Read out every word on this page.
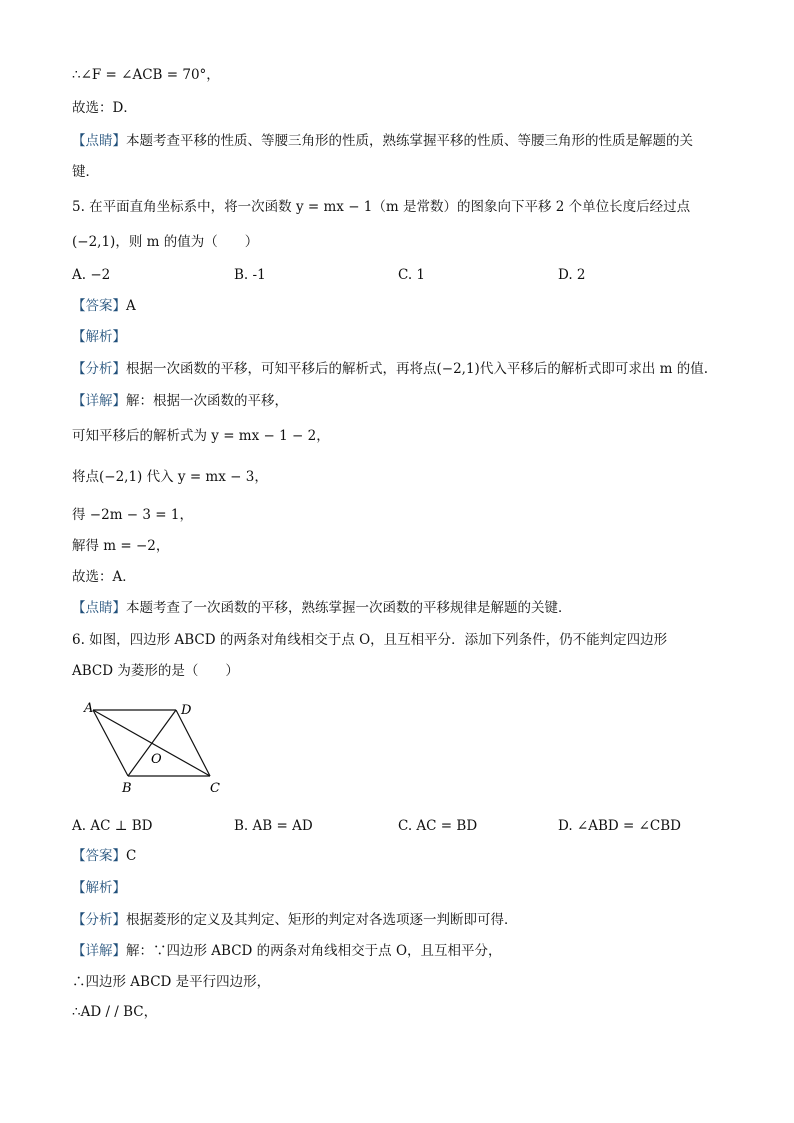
∴∠F = ∠ACB = 70°，
故选：D．
【点睛】本题考查平移的性质、等腰三角形的性质，熟练掌握平移的性质、等腰三角形的性质是解题的关
键．
5. 在平面直角坐标系中，将一次函数 y = mx − 1（m 是常数）的图象向下平移 2 个单位长度后经过点
(−2,1)，则 m 的值为（　　）
A. −2	B. -1	C. 1	D. 2
【答案】A
【解析】
【分析】根据一次函数的平移，可知平移后的解析式，再将点(−2,1)代入平移后的解析式即可求出 m 的值.
【详解】解：根据一次函数的平移，
可知平移后的解析式为 y = mx − 1 − 2，
将点(−2,1) 代入 y = mx − 3，
得 −2m − 3 = 1，
解得 m = −2，
故选：A．
【点睛】本题考查了一次函数的平移，熟练掌握一次函数的平移规律是解题的关键．
6. 如图，四边形 ABCD 的两条对角线相交于点 O，且互相平分．添加下列条件，仍不能判定四边形
ABCD 为菱形的是（　　）
A	D
B	C
O
A. AC ⊥ BD	B. AB = AD	C. AC = BD	D. ∠ABD = ∠CBD
【答案】C
【解析】
【分析】根据菱形的定义及其判定、矩形的判定对各选项逐一判断即可得．
【详解】解：∵四边形 ABCD 的两条对角线相交于点 O，且互相平分，
∴四边形 ABCD 是平行四边形，
∴AD / / BC，
